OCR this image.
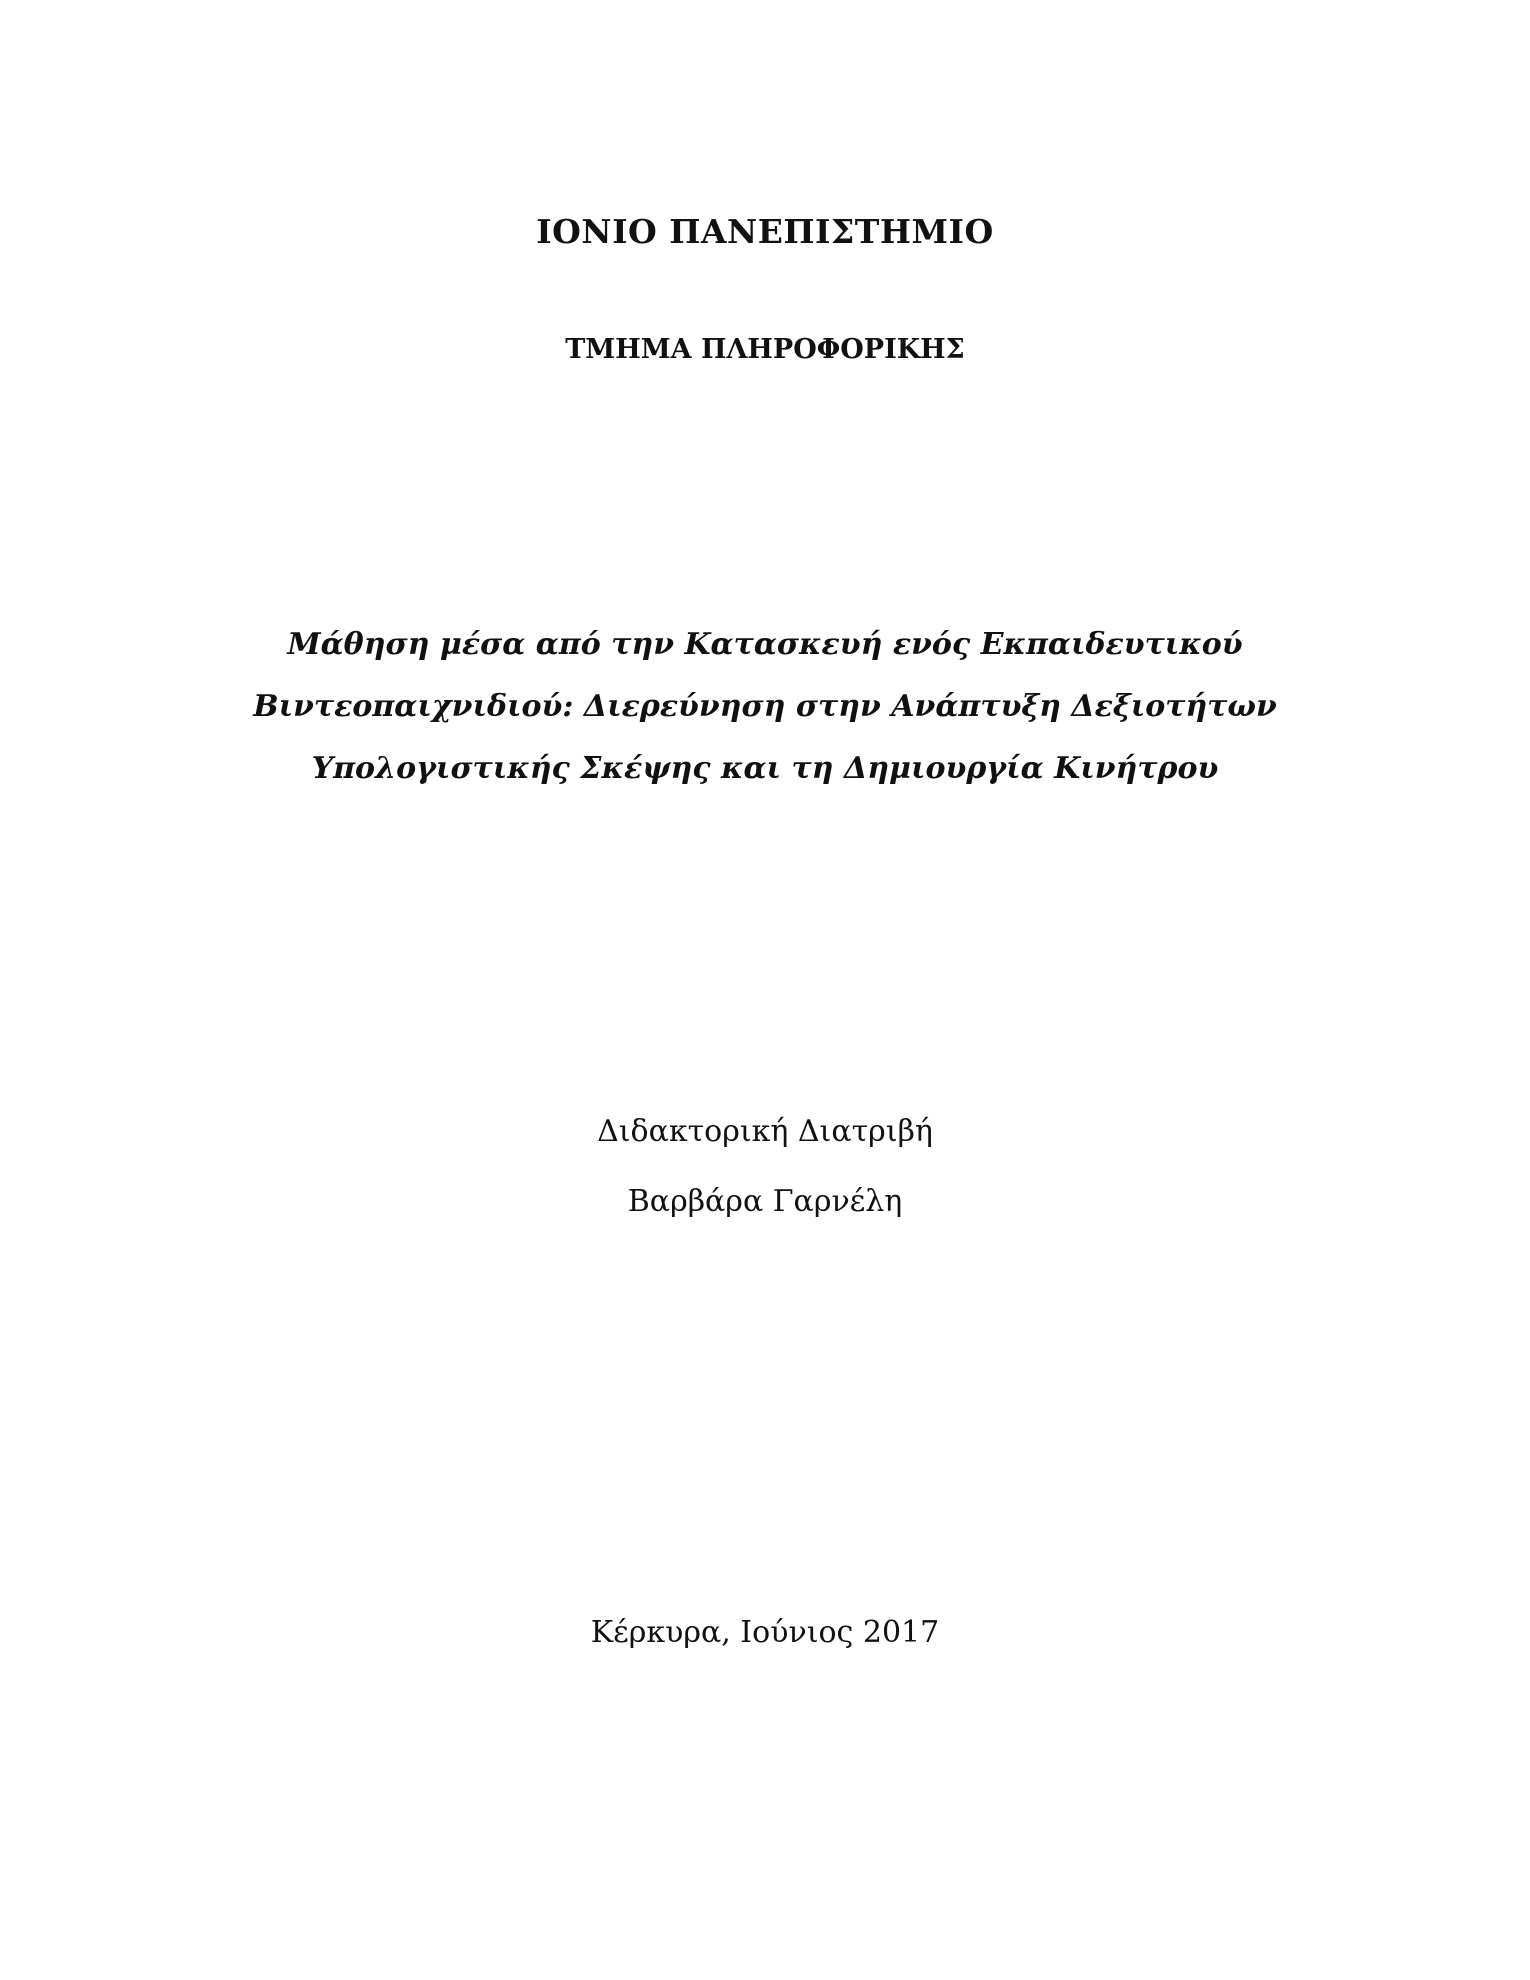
ΙΟΝΙΟ ΠΑΝΕΠΙΣΤΗΜΙΟ
ΤΜΗΜΑ ΠΛΗΡΟΦΟΡΙΚΗΣ
Μάθηση μέσα από την Κατασκευή ενός Εκπαιδευτικού
Βιντεοπαιχνιδιού: Διερεύνηση στην Ανάπτυξη Δεξιοτήτων
Υπολογιστικής Σκέψης και τη Δημιουργία Κινήτρου

Διδακτορική Διατριβή

Βαρβάρα Γαρνέλη

Κέρκυρα, Ιούνιος 2017
